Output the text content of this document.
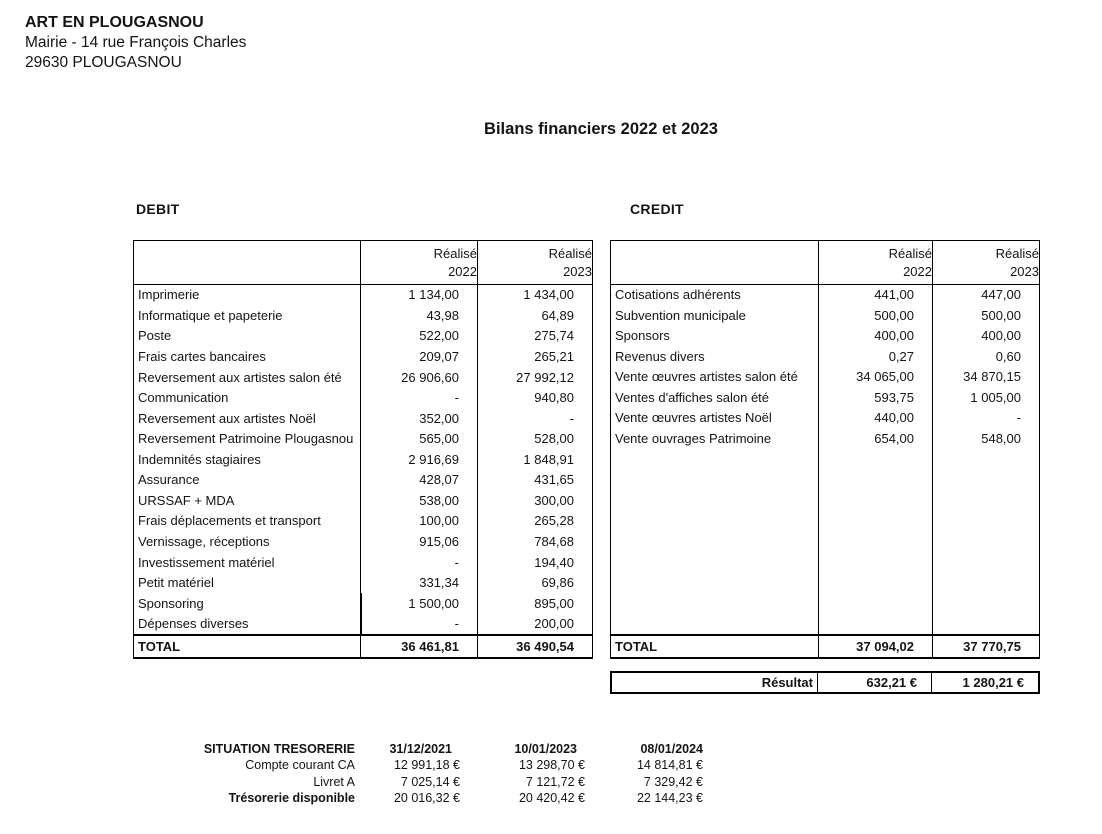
ART EN PLOUGASNOU
Mairie - 14 rue François Charles
29630 PLOUGASNOU
Bilans financiers 2022 et 2023
DEBIT	CREDIT
Réalisé
2022
Réalisé
2023
Imprimerie	1 134,00	1 434,00
Informatique et papeterie	43,98	64,89
Poste	522,00	275,74
Frais cartes bancaires	209,07	265,21
Reversement aux artistes salon été	26 906,60	27 992,12
Communication	-	940,80
Reversement aux artistes Noël	352,00	-
Reversement Patrimoine Plougasnou	565,00	528,00
Indemnités stagiaires	2 916,69	1 848,91
Assurance	428,07	431,65
URSSAF + MDA	538,00	300,00
Frais déplacements et transport	100,00	265,28
Vernissage, réceptions	915,06	784,68
Investissement matériel	-	194,40
Petit matériel	331,34	69,86
Sponsoring	1 500,00	895,00
Dépenses diverses	-	200,00
TOTAL	36 461,81	36 490,54
Réalisé
2022
Réalisé
2023
Cotisations adhérents	441,00	447,00
Subvention municipale	500,00	500,00
Sponsors	400,00	400,00
Revenus divers	0,27	0,60
Vente œuvres artistes salon été	34 065,00	34 870,15
Ventes d'affiches salon été	593,75	1 005,00
Vente œuvres artistes Noël	440,00	-
Vente ouvrages Patrimoine	654,00	548,00
TOTAL	37 094,02	37 770,75
Résultat	632,21 €	1 280,21 €
SITUATION TRESORERIE	31/12/2021	10/01/2023	08/01/2024
Compte courant CA	12 991,18 €	13 298,70 €	14 814,81 €
Livret A	7 025,14 €	7 121,72 €	7 329,42 €
Trésorerie disponible	20 016,32 €	20 420,42 €	22 144,23 €
